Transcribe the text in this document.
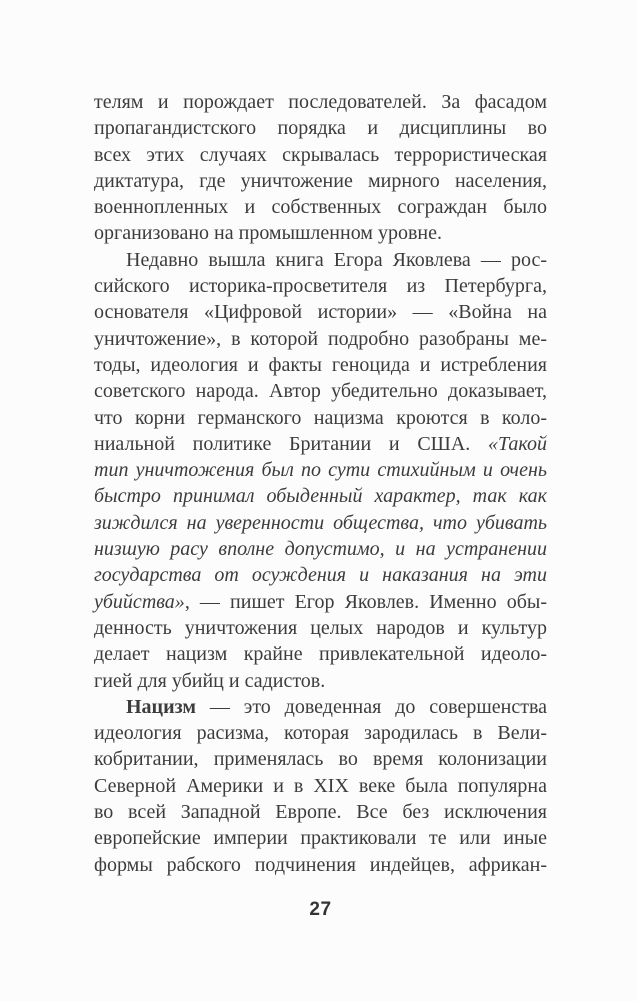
телям и порождает последователей. За фасадом
пропагандистского порядка и дисциплины во
всех этих случаях скрывалась террористическая
диктатура, где уничтожение мирного населения,
военнопленных и собственных сограждан было
организовано на промышленном уровне.
Недавно вышла книга Егора Яковлева — рос-
сийского историка-просветителя из Петербурга,
основателя «Цифровой истории» — «Война на
уничтожение», в которой подробно разобраны ме-
тоды, идеология и факты геноцида и истребления
советского народа. Автор убедительно доказывает,
что корни германского нацизма кроются в коло-
ниальной политике Британии и США. «Такой
тип уничтожения был по сути стихийным и очень
быстро принимал обыденный характер, так как
зиждился на уверенности общества, что убивать
низшую расу вполне допустимо, и на устранении
государства от осуждения и наказания на эти
убийства», — пишет Егор Яковлев. Именно обы-
денность уничтожения целых народов и культур
делает нацизм крайне привлекательной идеоло-
гией для убийц и садистов.
Нацизм — это доведенная до совершенства
идеология расизма, которая зародилась в Вели-
кобритании, применялась во время колонизации
Северной Америки и в XIX веке была популярна
во всей Западной Европе. Все без исключения
европейские империи практиковали те или иные
формы рабского подчинения индейцев, африкан-
27
